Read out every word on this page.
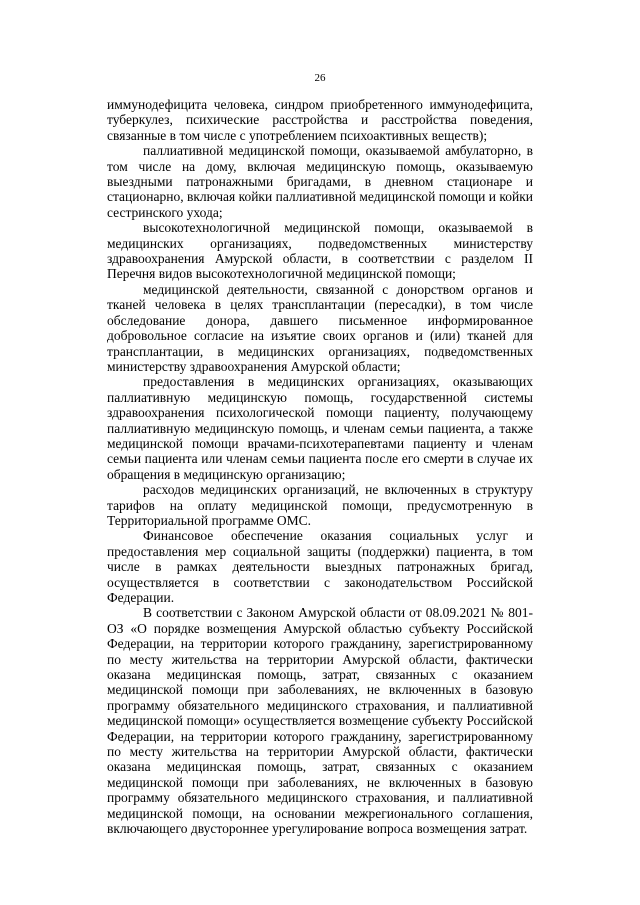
26

иммунодефицита человека, синдром приобретенного иммунодефицита, туберкулез, психические расстройства и расстройства поведения, связанные в том числе с употреблением психоактивных веществ);

паллиативной медицинской помощи, оказываемой амбулаторно, в том числе на дому, включая медицинскую помощь, оказываемую выездными патронажными бригадами, в дневном стационаре и стационарно, включая койки паллиативной медицинской помощи и койки сестринского ухода;

высокотехнологичной медицинской помощи, оказываемой в медицинских организациях, подведомственных министерству здравоохранения Амурской области, в соответствии с разделом II Перечня видов высокотехнологичной медицинской помощи;

медицинской деятельности, связанной с донорством органов и тканей человека в целях трансплантации (пересадки), в том числе обследование донора, давшего письменное информированное добровольное согласие на изъятие своих органов и (или) тканей для трансплантации, в медицинских организациях, подведомственных министерству здравоохранения Амурской области;

предоставления в медицинских организациях, оказывающих паллиативную медицинскую помощь, государственной системы здравоохранения психологической помощи пациенту, получающему паллиативную медицинскую помощь, и членам семьи пациента, а также медицинской помощи врачами-психотерапевтами пациенту и членам семьи пациента или членам семьи пациента после его смерти в случае их обращения в медицинскую организацию;

расходов медицинских организаций, не включенных в структуру тарифов на оплату медицинской помощи, предусмотренную в Территориальной программе ОМС.

Финансовое обеспечение оказания социальных услуг и предоставления мер социальной защиты (поддержки) пациента, в том числе в рамках деятельности выездных патронажных бригад, осуществляется в соответствии с законодательством Российской Федерации.

В соответствии с Законом Амурской области от 08.09.2021 № 801-ОЗ «О порядке возмещения Амурской областью субъекту Российской Федерации, на территории которого гражданину, зарегистрированному по месту жительства на территории Амурской области, фактически оказана медицинская помощь, затрат, связанных с оказанием медицинской помощи при заболеваниях, не включенных в базовую программу обязательного медицинского страхования, и паллиативной медицинской помощи» осуществляется возмещение субъекту Российской Федерации, на территории которого гражданину, зарегистрированному по месту жительства на территории Амурской области, фактически оказана медицинская помощь, затрат, связанных с оказанием медицинской помощи при заболеваниях, не включенных в базовую программу обязательного медицинского страхования, и паллиативной медицинской помощи, на основании межрегионального соглашения, включающего двустороннее урегулирование вопроса возмещения затрат.
